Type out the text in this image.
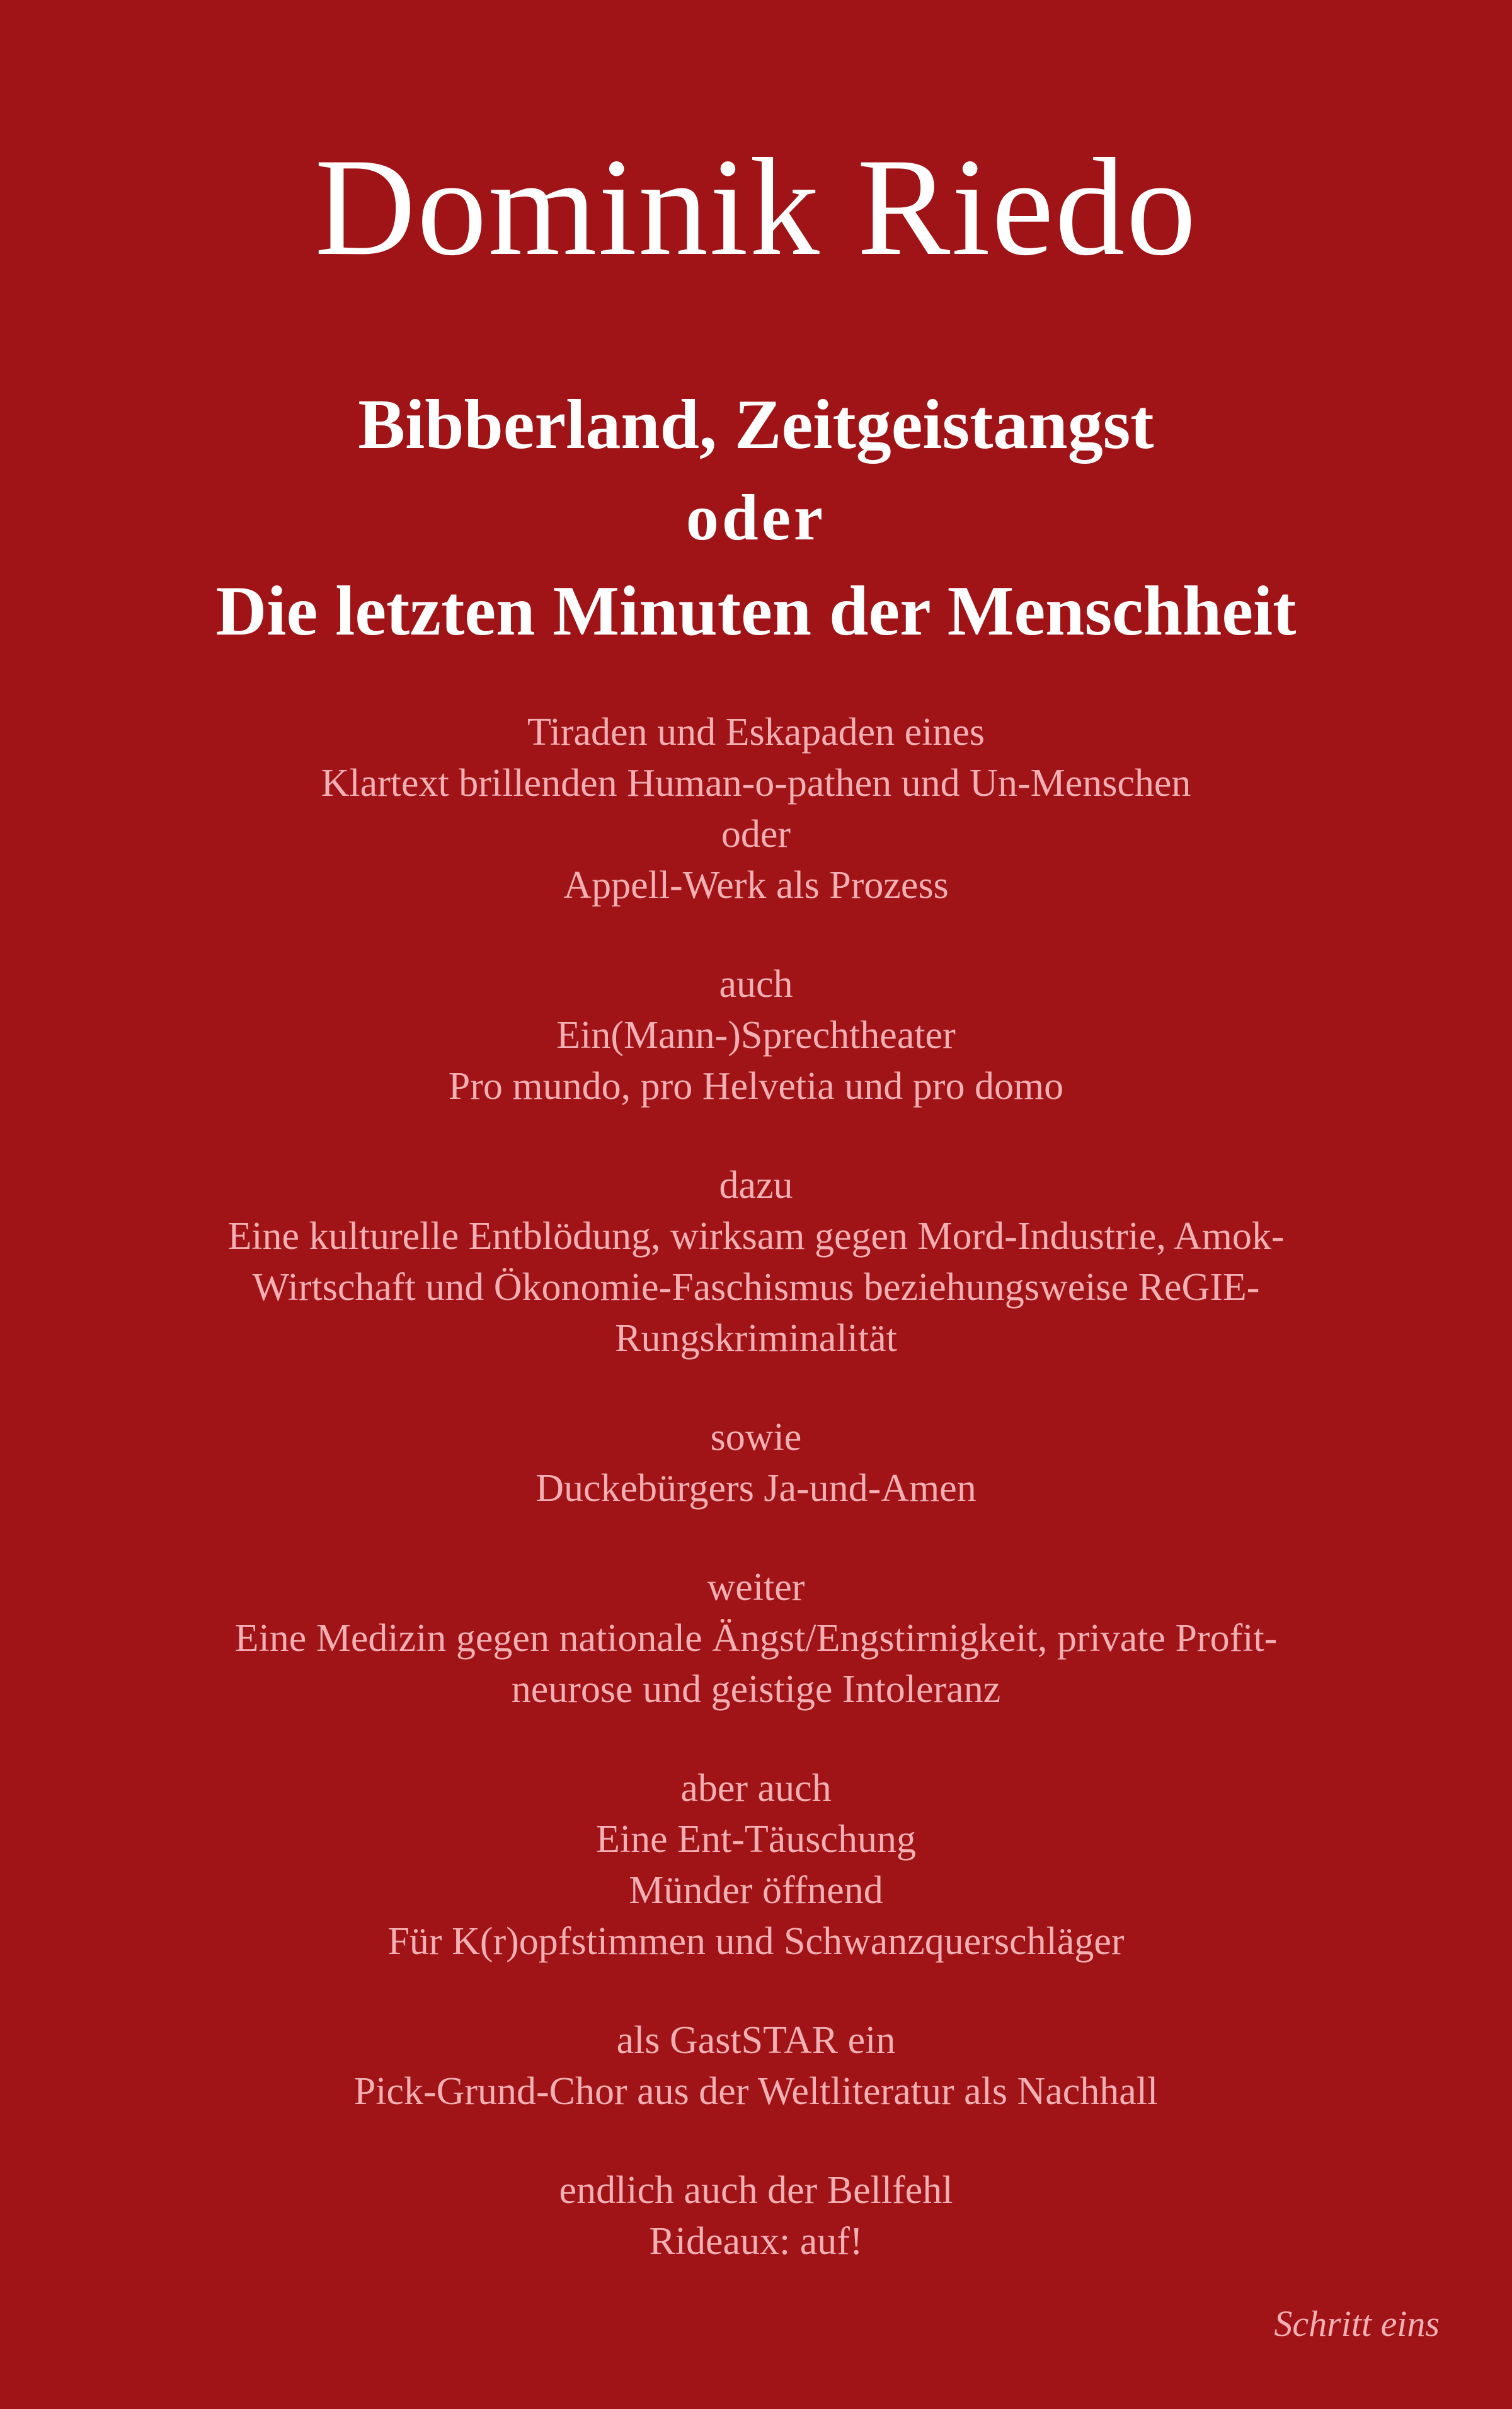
Dominik Riedo
Bibberland, Zeitgeistangst
oder
Die letzten Minuten der Menschheit
Tiraden und Eskapaden eines
Klartext brillenden Human-o-pathen und Un-Menschen
oder
Appell-Werk als Prozess
auch
Ein(Mann-)Sprechtheater
Pro mundo, pro Helvetia und pro domo
dazu
Eine kulturelle Entblödung, wirksam gegen Mord-Industrie, Amok-
Wirtschaft und Ökonomie-Faschismus beziehungsweise ReGIE-
Rungskriminalität
sowie
Duckebürgers Ja-und-Amen
weiter
Eine Medizin gegen nationale Ängst/Engstirnigkeit, private Profit-
neurose und geistige Intoleranz
aber auch
Eine Ent-Täuschung
Münder öffnend
Für K(r)opfstimmen und Schwanzquerschläger
als GastSTAR ein
Pick-Grund-Chor aus der Weltliteratur als Nachhall
endlich auch der Bellfehl
Rideaux: auf!
Schritt eins
